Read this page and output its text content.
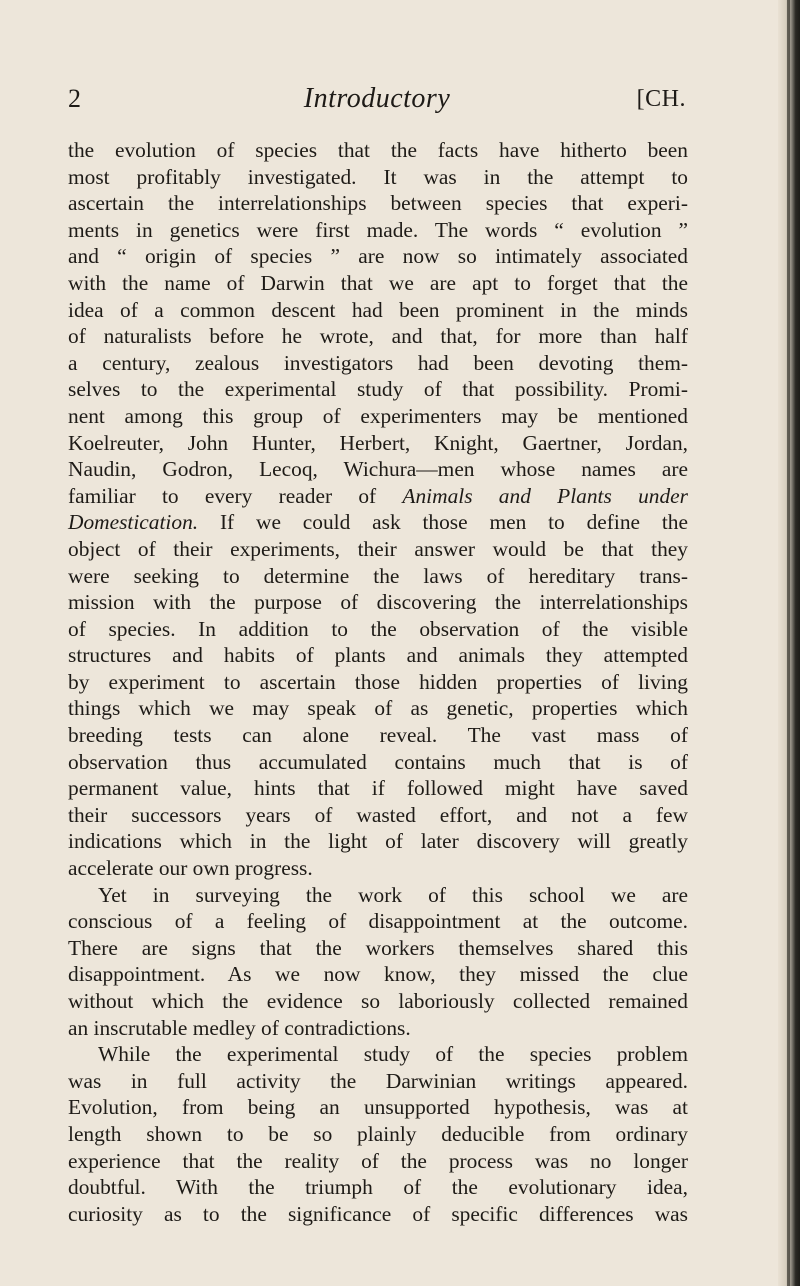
2	Introductory	[CH.
the evolution of species that the facts have hitherto been
most profitably investigated. It was in the attempt to
ascertain the interrelationships between species that experi-
ments in genetics were first made. The words “ evolution ”
and “ origin of species ” are now so intimately associated
with the name of Darwin that we are apt to forget that the
idea of a common descent had been prominent in the minds
of naturalists before he wrote, and that, for more than half
a century, zealous investigators had been devoting them-
selves to the experimental study of that possibility. Promi-
nent among this group of experimenters may be mentioned
Koelreuter, John Hunter, Herbert, Knight, Gaertner, Jordan,
Naudin, Godron, Lecoq, Wichura—men whose names are
familiar to every reader of Animals and Plants under
Domestication. If we could ask those men to define the
object of their experiments, their answer would be that they
were seeking to determine the laws of hereditary trans-
mission with the purpose of discovering the interrelationships
of species. In addition to the observation of the visible
structures and habits of plants and animals they attempted
by experiment to ascertain those hidden properties of living
things which we may speak of as genetic, properties which
breeding tests can alone reveal. The vast mass of
observation thus accumulated contains much that is of
permanent value, hints that if followed might have saved
their successors years of wasted effort, and not a few
indications which in the light of later discovery will greatly
accelerate our own progress.
Yet in surveying the work of this school we are
conscious of a feeling of disappointment at the outcome.
There are signs that the workers themselves shared this
disappointment. As we now know, they missed the clue
without which the evidence so laboriously collected remained
an inscrutable medley of contradictions.
While the experimental study of the species problem
was in full activity the Darwinian writings appeared.
Evolution, from being an unsupported hypothesis, was at
length shown to be so plainly deducible from ordinary
experience that the reality of the process was no longer
doubtful. With the triumph of the evolutionary idea,
curiosity as to the significance of specific differences was
